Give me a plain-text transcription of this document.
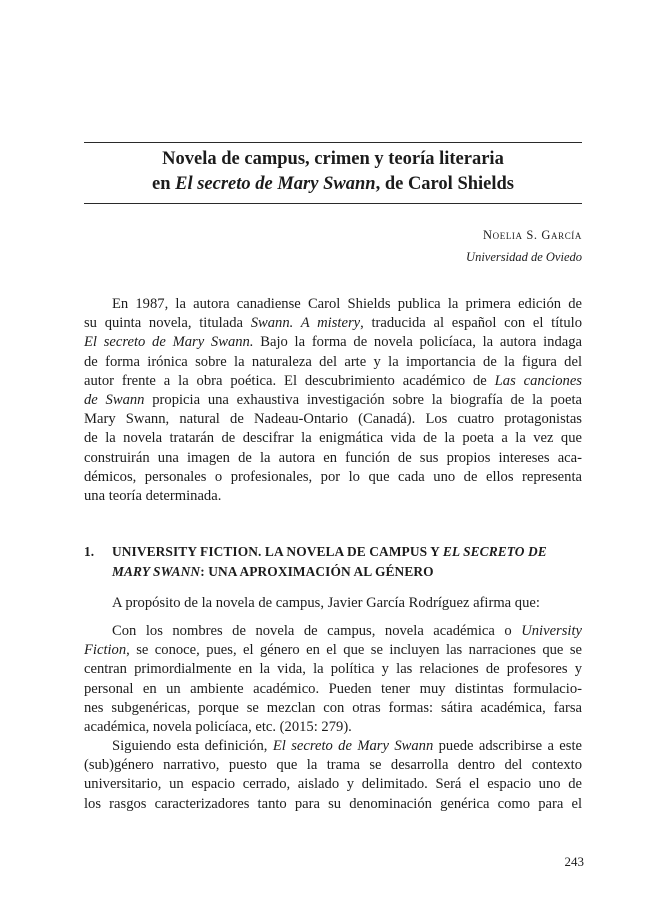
Novela de campus, crimen y teoría literaria
en El secreto de Mary Swann, de Carol Shields
Noelia S. García
Universidad de Oviedo
En 1987, la autora canadiense Carol Shields publica la primera edición de
su quinta novela, titulada Swann. A mistery, traducida al español con el título
El secreto de Mary Swann. Bajo la forma de novela policíaca, la autora indaga
de forma irónica sobre la naturaleza del arte y la importancia de la figura del
autor frente a la obra poética. El descubrimiento académico de Las canciones
de Swann propicia una exhaustiva investigación sobre la biografía de la poeta
Mary Swann, natural de Nadeau-Ontario (Canadá). Los cuatro protagonistas
de la novela tratarán de descifrar la enigmática vida de la poeta a la vez que
construirán una imagen de la autora en función de sus propios intereses aca-
démicos, personales o profesionales, por lo que cada uno de ellos representa
una teoría determinada.
1. UNIVERSITY FICTION. LA NOVELA DE CAMPUS Y EL SECRETO DE
MARY SWANN: UNA APROXIMACIÓN AL GÉNERO
A propósito de la novela de campus, Javier García Rodríguez afirma que:
Con los nombres de novela de campus, novela académica o University
Fiction, se conoce, pues, el género en el que se incluyen las narraciones que se
centran primordialmente en la vida, la política y las relaciones de profesores y
personal en un ambiente académico. Pueden tener muy distintas formulacio-
nes subgenéricas, porque se mezclan con otras formas: sátira académica, farsa
académica, novela policíaca, etc. (2015: 279).
Siguiendo esta definición, El secreto de Mary Swann puede adscribirse a este
(sub)género narrativo, puesto que la trama se desarrolla dentro del contexto
universitario, un espacio cerrado, aislado y delimitado. Será el espacio uno de
los rasgos caracterizadores tanto para su denominación genérica como para el
243
